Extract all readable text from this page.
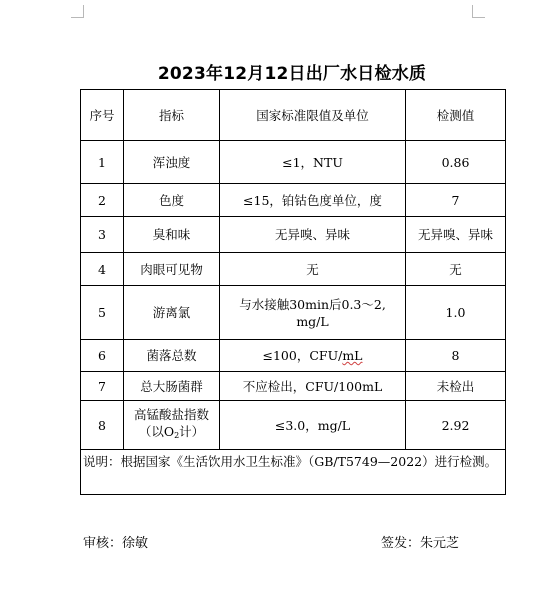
2023年12月12日出厂水日检水质
序号	指标	国家标准限值及单位	检测值
1	浑浊度	≤1，NTU	0.86
2	色度	≤15，铂钴色度单位，度	7
3	臭和味	无异嗅、异味	无异嗅、异味
4	肉眼可见物	无	无
5	游离氯	与水接触30min后0.3～2,
mg/L	1.0
6	菌落总数	≤100，CFU/mL	8
7	总大肠菌群	不应检出，CFU/100mL	未检出
8	高锰酸盐指数
（以$O_2$计）	≤3.0，mg/L	2.92
说明：根据国家《生活饮用水卫生标准》（GB/T5749—2022）进行检测。			
审核：徐敏	签发：朱元芝
